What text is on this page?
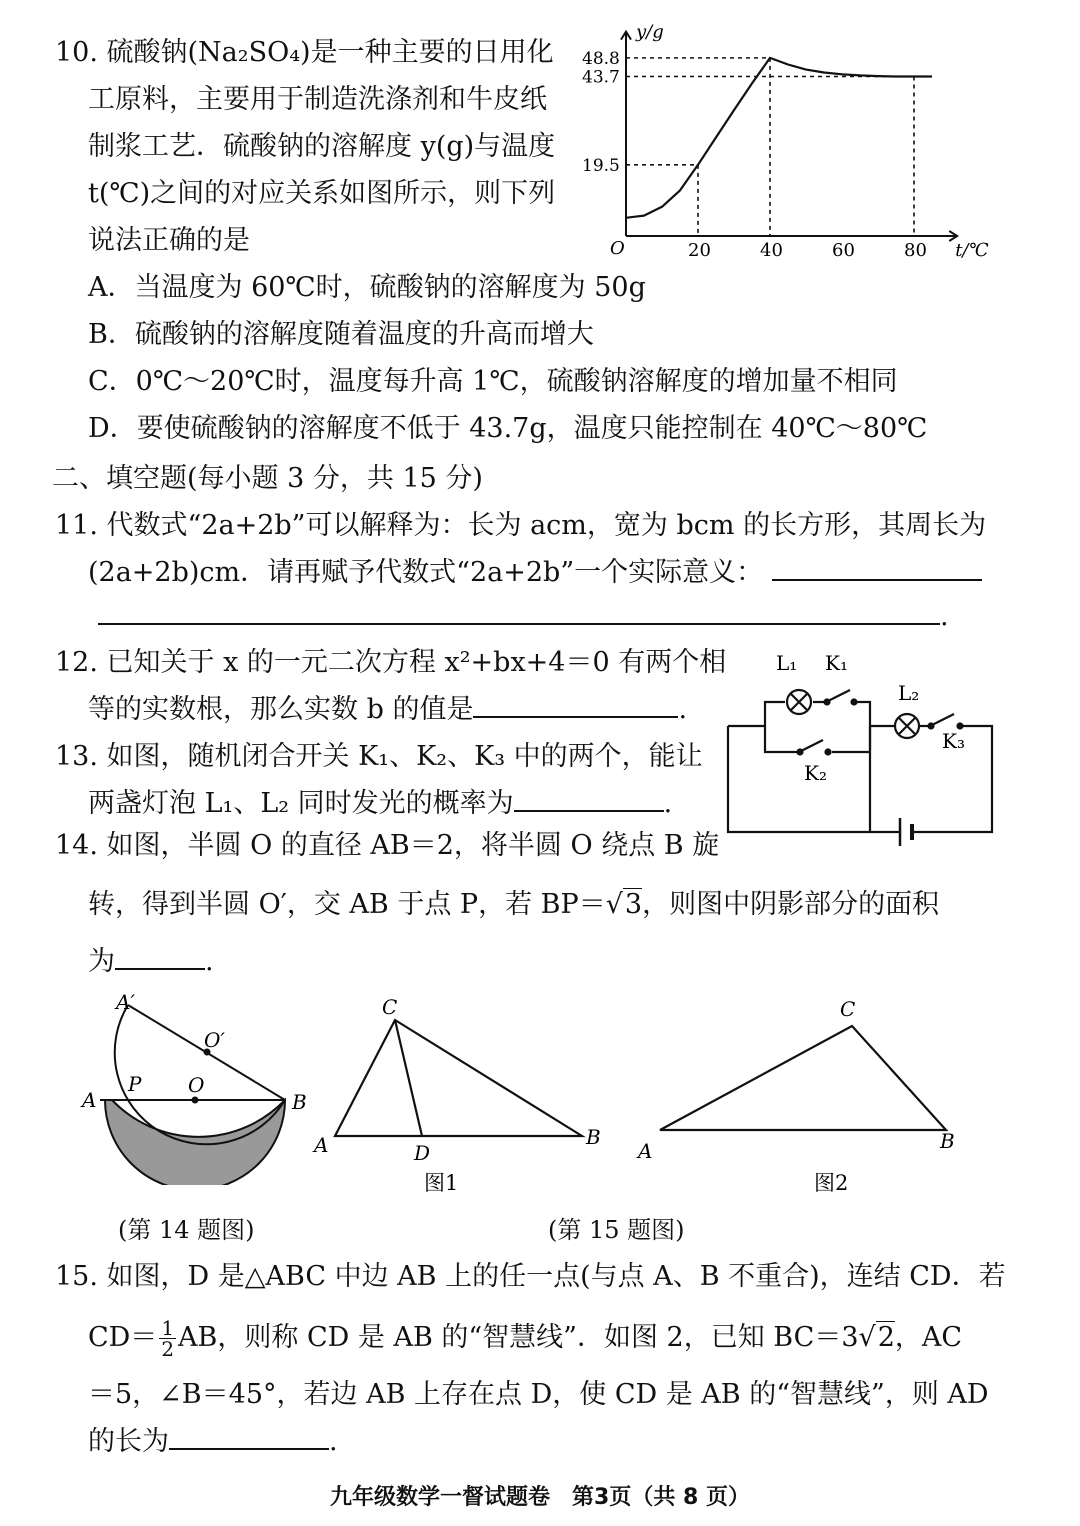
10. 硫酸钠(Na₂SO₄)是一种主要的日用化
工原料，主要用于制造洗涤剂和牛皮纸
制浆工艺．硫酸钠的溶解度 y(g)与温度
t(℃)之间的对应关系如图所示，则下列
说法正确的是
y/g
t/℃
O	20	40	60	80
19.5
43.7
48.8
A．当温度为 60℃时，硫酸钠的溶解度为 50g
B．硫酸钠的溶解度随着温度的升高而增大
C．0℃～20℃时，温度每升高 1℃，硫酸钠溶解度的增加量不相同
D．要使硫酸钠的溶解度不低于 43.7g，温度只能控制在 40℃～80℃
二、填空题(每小题 3 分，共 15 分)
11. 代数式“2a+2b”可以解释为：长为 acm，宽为 bcm 的长方形，其周长为
(2a+2b)cm．请再赋予代数式“2a+2b”一个实际意义：
.
12. 已知关于 x 的一元二次方程 x²+bx+4＝0 有两个相
等的实数根，那么实数 b 的值是	.
13. 如图，随机闭合开关 K₁、K₂、K₃ 中的两个，能让
两盏灯泡 L₁、L₂ 同时发光的概率为	.
L₁ K₁
L₂
K₂
K₃
14. 如图，半圆 O 的直径 AB＝2，将半圆 O 绕点 B 旋
转，得到半圆 O′，交 AB 于点 P，若 BP＝√3，则图中阴影部分的面积
为	.
A
A′
O
O′
P
B
C
A	B
D
图1
C
A	B
图2
(第 14 题图)	(第 15 题图)
15. 如图，D 是△ABC 中边 AB 上的任一点(与点 A、B 不重合)，连结 CD．若
$CD= \frac{1}{2}$ AB，则称 CD 是 AB 的“智慧线”．如图 2，已知 BC＝3√2，AC
＝5，∠B＝45°，若边 AB 上存在点 D，使 CD 是 AB 的“智慧线”，则 AD
的长为	.
九年级数学一督试题卷　第3页（共 8 页）
